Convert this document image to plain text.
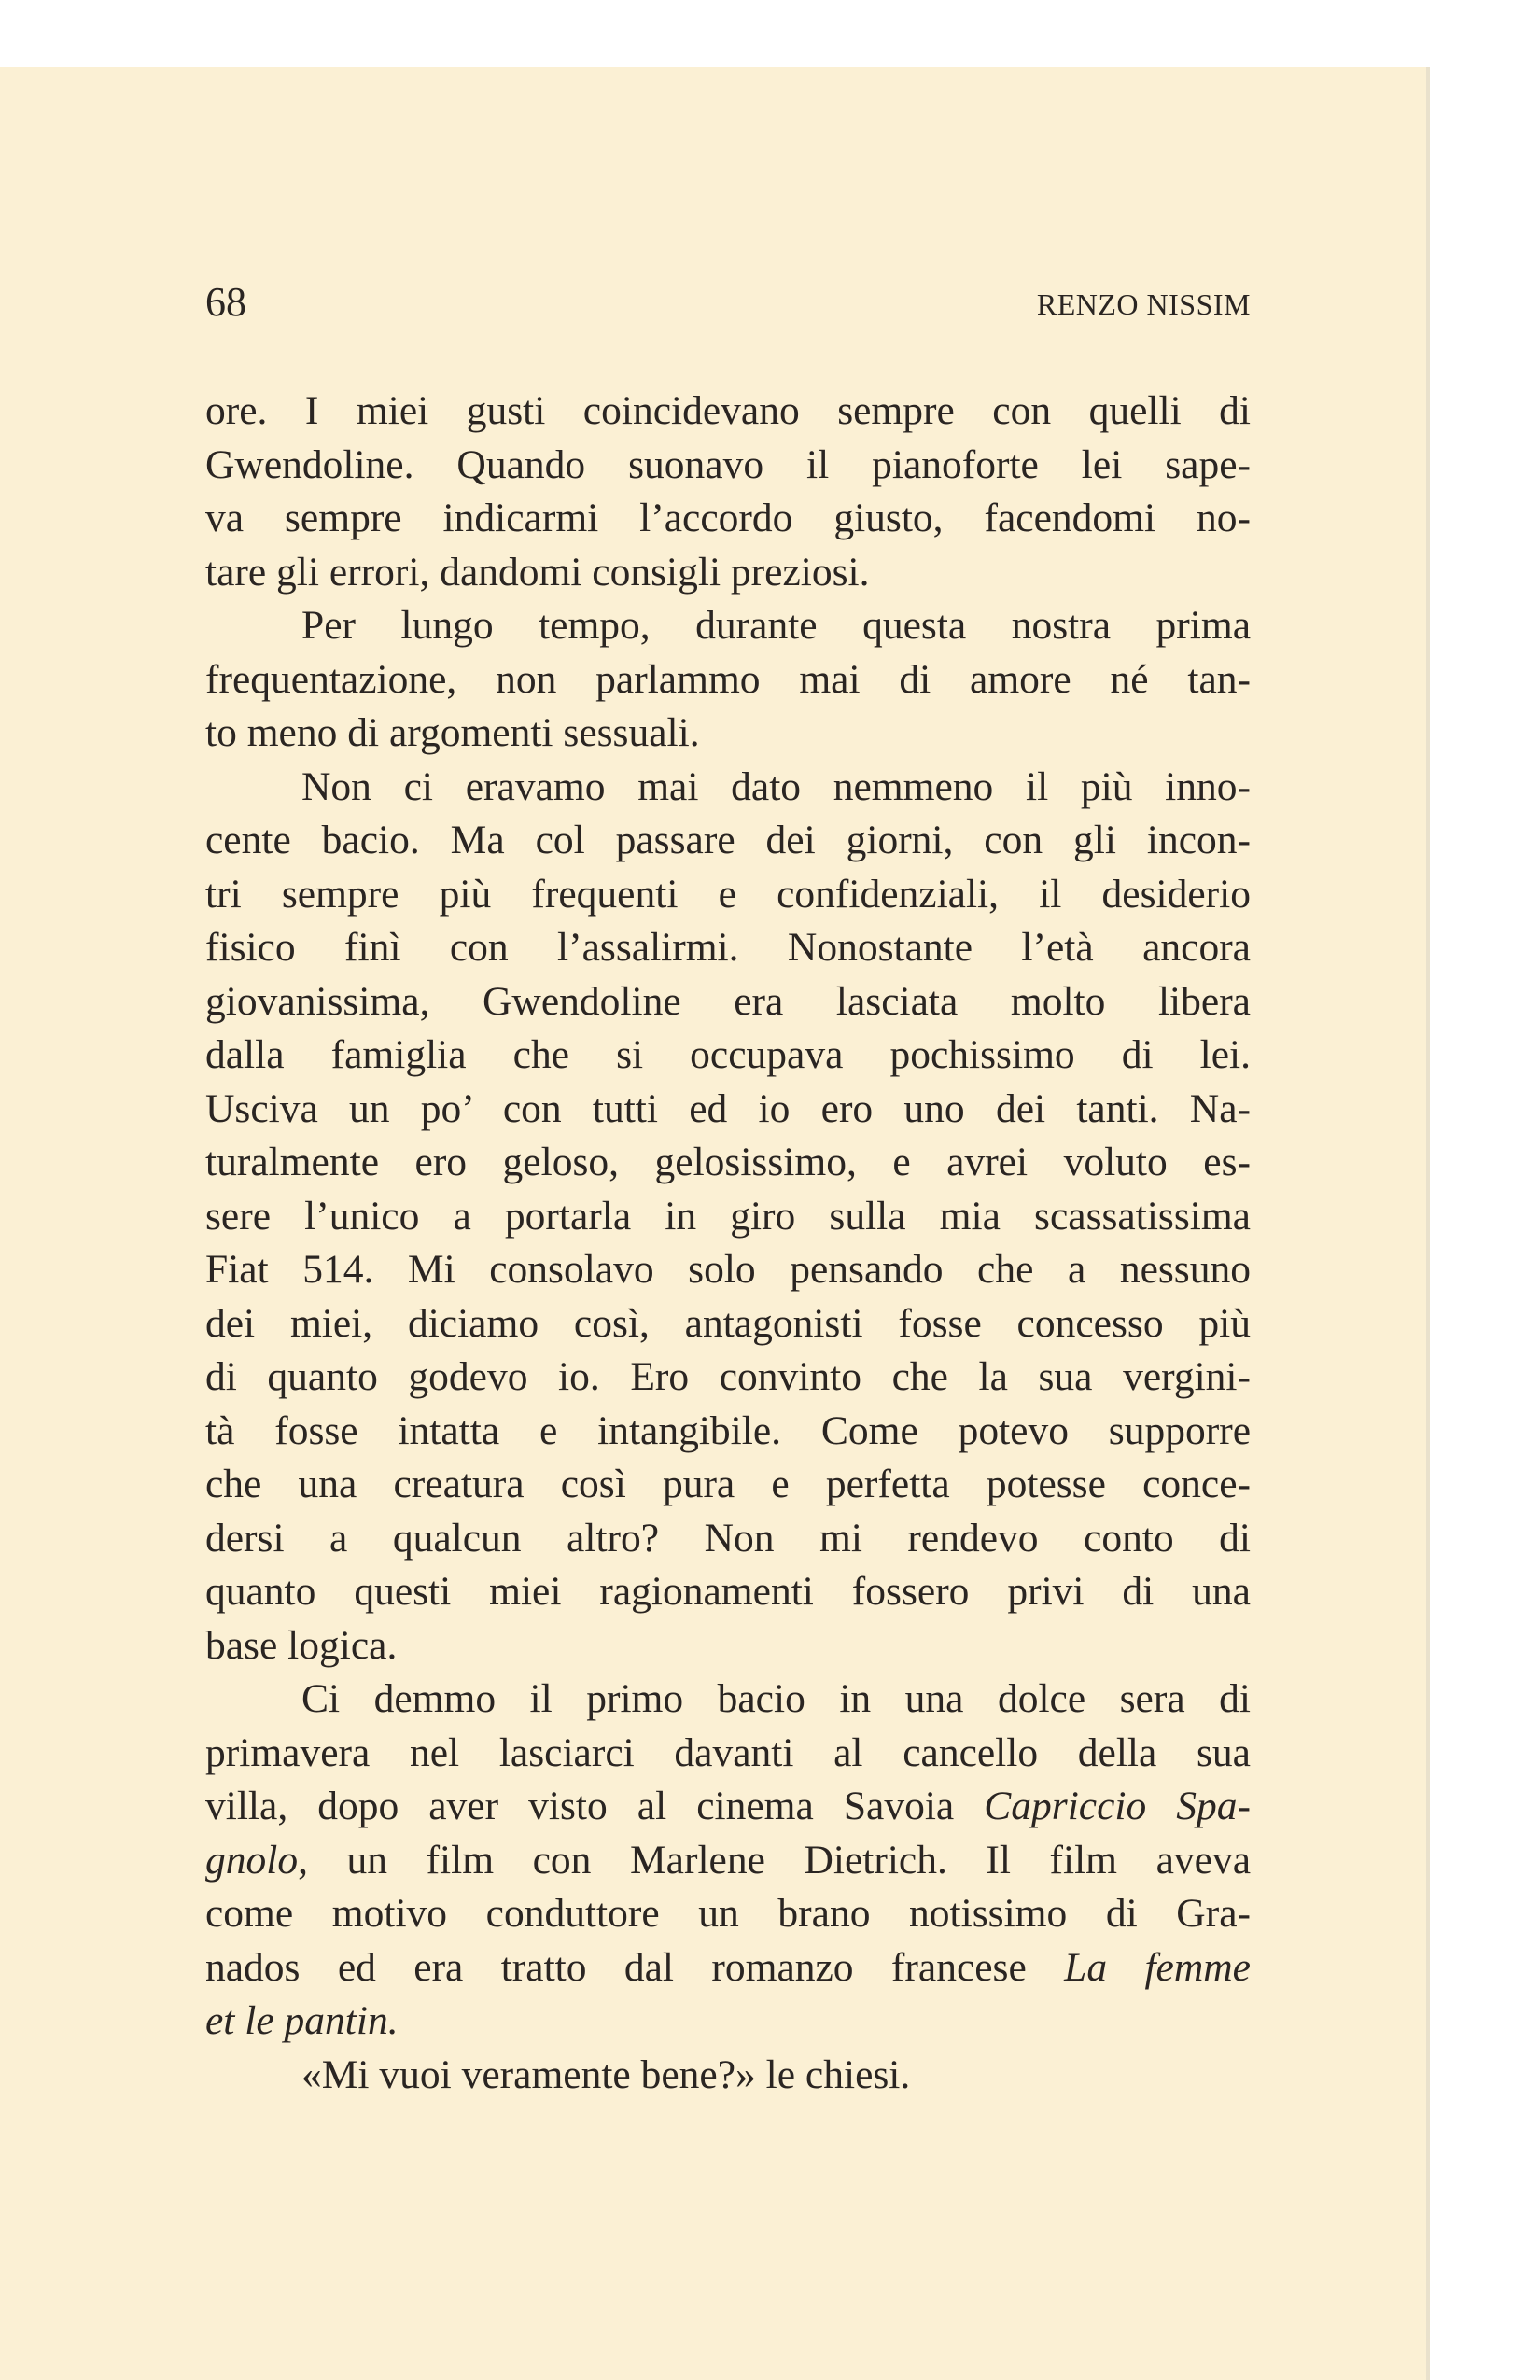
68	RENZO NISSIM
ore. I miei gusti coincidevano sempre con quelli di
Gwendoline. Quando suonavo il pianoforte lei sape-
va sempre indicarmi l’accordo giusto, facendomi no-
tare gli errori, dandomi consigli preziosi.
Per lungo tempo, durante questa nostra prima
frequentazione, non parlammo mai di amore né tan-
to meno di argomenti sessuali.
Non ci eravamo mai dato nemmeno il più inno-
cente bacio. Ma col passare dei giorni, con gli incon-
tri sempre più frequenti e confidenziali, il desiderio
fisico finì con l’assalirmi. Nonostante l’età ancora
giovanissima, Gwendoline era lasciata molto libera
dalla famiglia che si occupava pochissimo di lei.
Usciva un po’ con tutti ed io ero uno dei tanti. Na-
turalmente ero geloso, gelosissimo, e avrei voluto es-
sere l’unico a portarla in giro sulla mia scassatissima
Fiat 514. Mi consolavo solo pensando che a nessuno
dei miei, diciamo così, antagonisti fosse concesso più
di quanto godevo io. Ero convinto che la sua vergini-
tà fosse intatta e intangibile. Come potevo supporre
che una creatura così pura e perfetta potesse conce-
dersi a qualcun altro? Non mi rendevo conto di
quanto questi miei ragionamenti fossero privi di una
base logica.
Ci demmo il primo bacio in una dolce sera di
primavera nel lasciarci davanti al cancello della sua
villa, dopo aver visto al cinema Savoia Capriccio Spa-
gnolo, un film con Marlene Dietrich. Il film aveva
come motivo conduttore un brano notissimo di Gra-
nados ed era tratto dal romanzo francese La femme
et le pantin.
«Mi vuoi veramente bene?» le chiesi.
